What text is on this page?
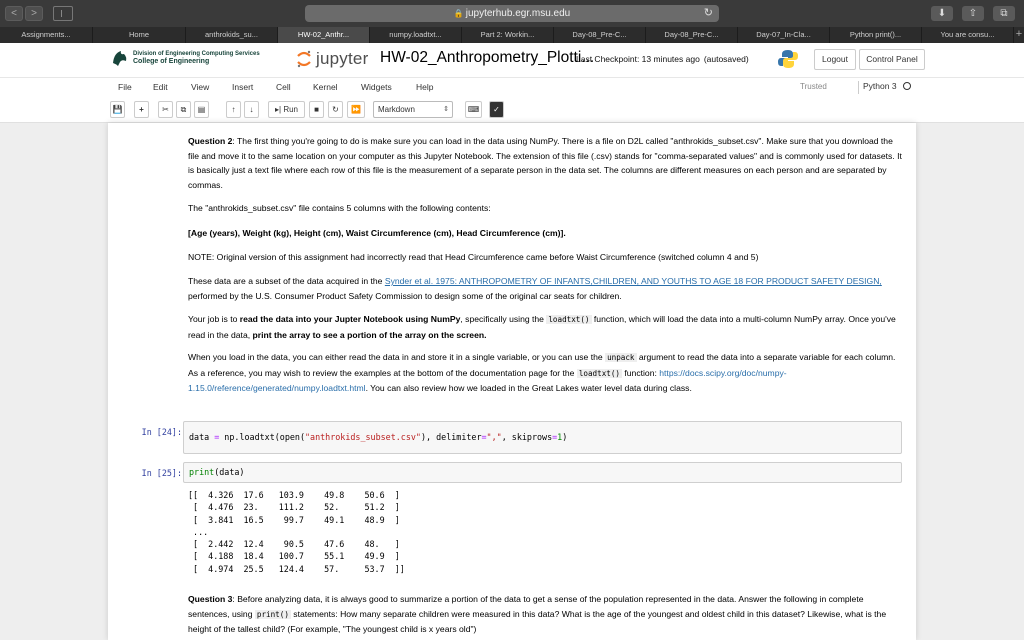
<	>	🔒 jupyterhub.egr.msu.edu	↻	⬇	⇧	⧉
Assignments...	Home	anthrokids_su...	HW-02_Anthr...	numpy.loadtxt...	Part 2: Workin...	Day-08_Pre-C...	Day-08_Pre-C...	Day-07_In-Cla...	Python print()...	You are consu...	+
Division of Engineering Computing Services
College of Engineering	jupyter HW-02_Anthropometry_Plotti...
Last Checkpoint: 13 minutes ago (autosaved)	Logout	Control Panel
File	Edit	View	Insert	Cell	Kernel	Widgets	Help	Trusted	Python 3
💾	+	✂	⧉	▤	↑	↓	▸| Run	■	↻	⏩	Markdown	⇕	⌨	✓
Question 2: The first thing you're going to do is make sure you can load in the data using NumPy. There is a file on D2L called "anthrokids_subset.csv". Make sure that you download the file and move it to the same location on your computer as this Jupyter Notebook. The extension of this file (.csv) stands for "comma-separated values" and is commonly used for datasets. It is basically just a text file where each row of this file is the measurement of a separate person in the data set. The columns are different measures on each person and are separated by commas.
The "anthrokids_subset.csv" file contains 5 columns with the following contents:
[Age (years), Weight (kg), Height (cm), Waist Circumference (cm), Head Circumference (cm)].
NOTE: Original version of this assignment had incorrectly read that Head Circumference came before Waist Circumference (switched column 4 and 5)
These data are a subset of the data acquired in the Synder et al. 1975: ANTHROPOMETRY OF INFANTS,CHILDREN, AND YOUTHS TO AGE 18 FOR PRODUCT SAFETY DESIGN, performed by the U.S. Consumer Product Safety Commission to design some of the original car seats for children.
Your job is to read the data into your Jupter Notebook using NumPy, specifically using the loadtxt() function, which will load the data into a multi-column NumPy array. Once you've read in the data, print the array to see a portion of the array on the screen.
When you load in the data, you can either read the data in and store it in a single variable, or you can use the unpack argument to read the data into a separate variable for each column. As a reference, you may wish to review the examples at the bottom of the documentation page for the loadtxt() function: https://docs.scipy.org/doc/numpy-1.15.0/reference/generated/numpy.loadtxt.html. You can also review how we loaded in the Great Lakes water level data during class.
In [24]: data = np.loadtxt(open("anthrokids_subset.csv"), delimiter=",", skiprows=1)
In [25]: print(data)
[[  4.326  17.6   103.9    49.8    50.6  ]
[  4.476  23.    111.2    52.     51.2  ]
[  3.841  16.5    99.7    49.1    48.9  ]
...
[  2.442  12.4    90.5    47.6    48.   ]
[  4.188  18.4   100.7    55.1    49.9  ]
[  4.974  25.5   124.4    57.     53.7  ]]
Question 3: Before analyzing data, it is always good to summarize a portion of the data to get a sense of the population represented in the data. Answer the following in complete sentences, using print() statements: How many separate children were measured in this data? What is the age of the youngest and oldest child in this dataset? Likewise, what is the height of the tallest child? (For example, "The youngest child is x years old")
